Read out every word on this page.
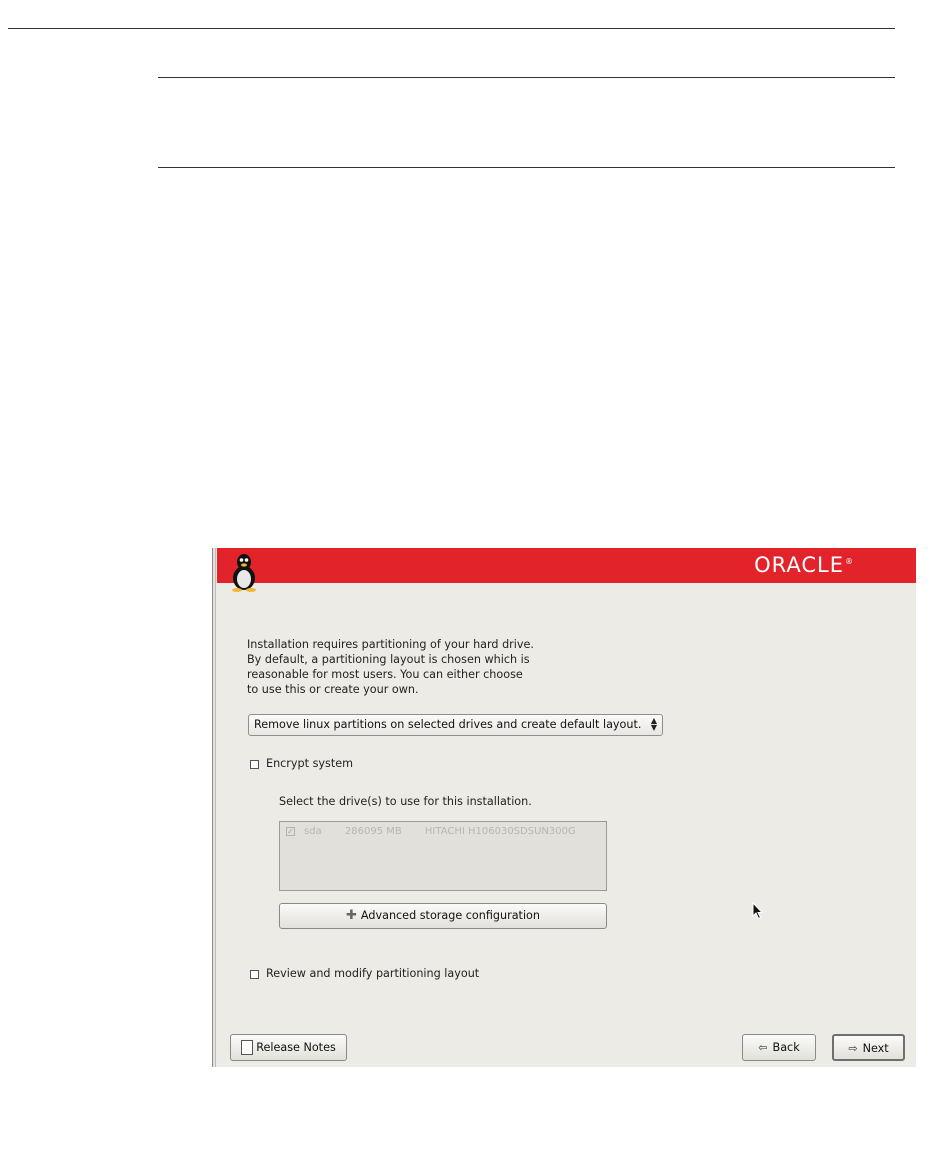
ORACLE®
Installation requires partitioning of your hard drive.
By default, a partitioning layout is chosen which is
reasonable for most users. You can either choose
to use this or create your own.
Remove linux partitions on selected drives and create default layout. ▲
▼
Encrypt system
Select the drive(s) to use for this installation.
✓ sda 286095 MB HITACHI H106030SDSUN300G
✚ Advanced storage configuration
Review and modify partitioning layout
Release Notes	⇦ Back	⇨ Next
